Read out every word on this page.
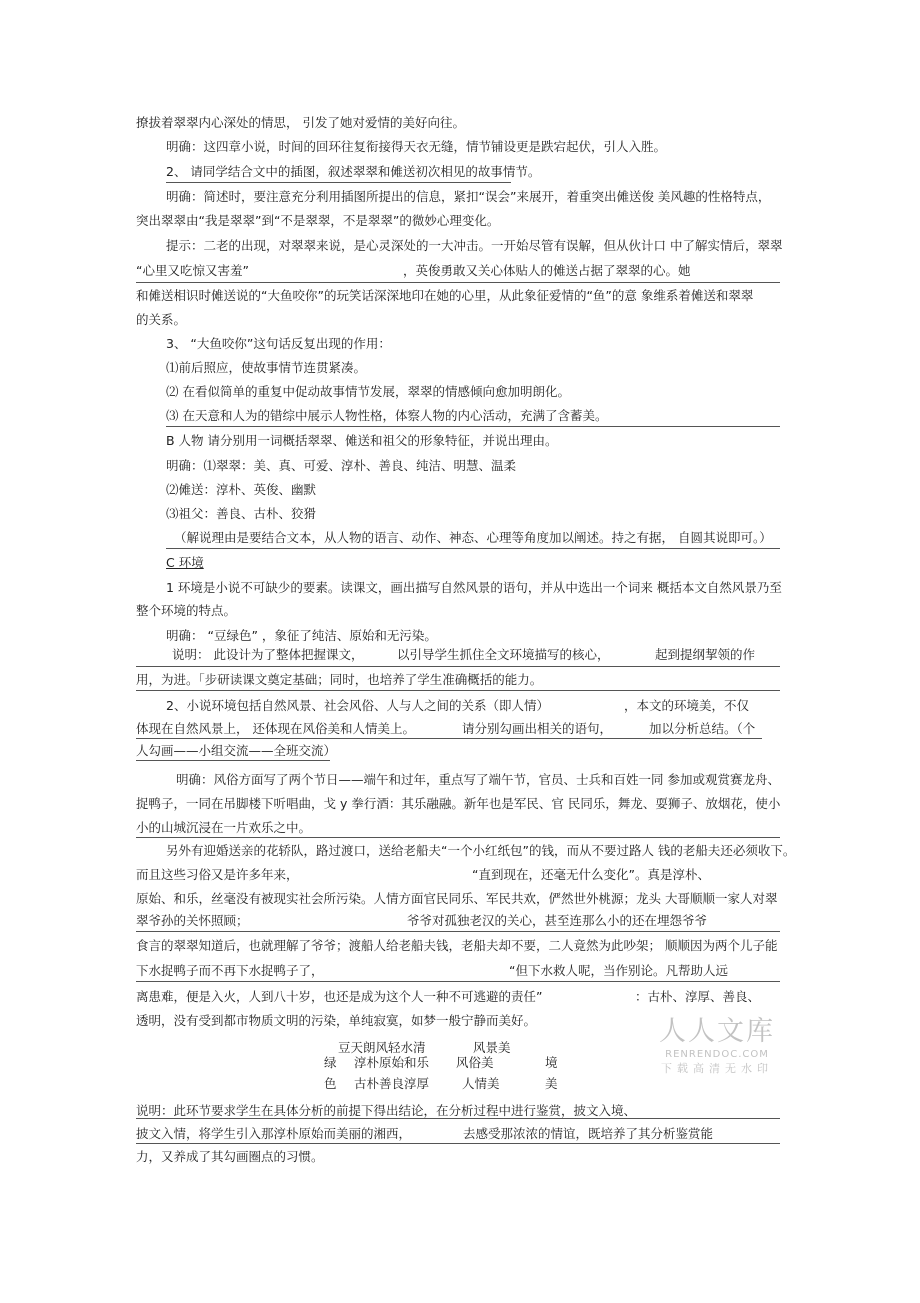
撩拔着翠翠内心深处的情思， 引发了她对爱情的美好向往。
明确：这四章小说，时间的回环往复衔接得天衣无缝，情节铺设更是跌宕起伏，引人入胜。
2、 请同学结合文中的插图，叙述翠翠和傩送初次相见的故事情节。
明确：简述时，要注意充分利用插图所提出的信息，紧扣“误会”来展开，着重突出傩送俊 美风趣的性格特点，
突出翠翠由“我是翠翠”到“不是翠翠，不是翠翠”的微妙心理变化。
提示：二老的出现，对翠翠来说，是心灵深处的一大冲击。一开始尽管有误解，但从伙计口 中了解实情后，翠翠
“心里又吃惊又害羞”	，英俊勇敢又关心体贴人的傩送占据了翠翠的心。她
和傩送相识时傩送说的“大鱼咬你”的玩笑话深深地印在她的心里，从此象征爱情的“鱼”的意 象维系着傩送和翠翠
的关系。
3、 “大鱼咬你”这句话反复出现的作用：
⑴前后照应，使故事情节连贯紧凑。
⑵ 在看似简单的重复中促动故事情节发展，翠翠的情感倾向愈加明朗化。
⑶ 在天意和人为的错综中展示人物性格，体察人物的内心活动，充满了含蓄美。
B 人物 请分别用一词概括翠翠、傩送和祖父的形象特征，并说出理由。
明确：⑴翠翠：美、真、可爱、淳朴、善良、纯洁、明慧、温柔
⑵傩送：淳朴、英俊、幽默
⑶祖父：善良、古朴、狡猾
（解说理由是要结合文本，从人物的语言、动作、神态、心理等角度加以阐述。持之有据， 自圆其说即可。）
C 环境
1 环境是小说不可缺少的要素。读课文，画出描写自然风景的语句，并从中选出一个词来 概括本文自然风景乃至
整个环境的特点。
明确： “豆绿色” ，象征了纯洁、原始和无污染。
说明： 此设计为了整体把握课文，	以引导学生抓住全文环境描写的核心，	起到提纲挈领的作
用，为进。「步研读课文奠定基础；同时，也培养了学生准确概括的能力。
2、小说环境包括自然风景、社会风俗、人与人之间的关系（即人情）	，本文的环境美，不仅
体现在自然风景上， 还体现在风俗美和人情美上。	请分别勾画出相关的语句，	加以分析总结。（个
人勾画——小组交流——全班交流）
明确：风俗方面写了两个节日——端午和过年，重点写了端午节，官员、士兵和百姓一同 参加或观赏赛龙舟、
捉鸭子，一同在吊脚楼下听唱曲，戈 y 拳行酒：其乐融融。新年也是军民、官 民同乐，舞龙、耍狮子、放烟花，使小
小的山城沉浸在一片欢乐之中。
另外有迎婚送亲的花轿队，路过渡口，送给老船夫“一个小红纸包”的钱，而从不要过路人 钱的老船夫还必须收下。
而且这些习俗又是许多年来，	“直到现在，还毫无什么变化”。真是淳朴、
原始、和乐，丝毫没有被现实社会所污染。人情方面官民同乐、军民共欢，俨然世外桃源；龙头 大哥顺顺一家人对翠
翠爷孙的关怀照顾；	爷爷对孤独老汉的关心，甚至连那么小的还在埋怨爷爷
食言的翠翠知道后，也就理解了爷爷；渡船人给老船夫钱，老船夫却不要，二人竟然为此吵架； 顺顺因为两个儿子能
下水捉鸭子而不再下水捉鸭子了，	“但下水救人呢，当作别论。凡帮助人远
离患难，便是入火，人到八十岁，也还是成为这个人一种不可逃避的责任”	：古朴、淳厚、善良、
透明，没有受到都市物质文明的污染，单纯寂寞，如梦一般宁静而美好。
豆天朗风轻水清	风景美
绿 淳朴原始和乐 风俗美	境
色 古朴善良淳厚	人情美	美
说明：此环节要求学生在具体分析的前提下得出结论，在分析过程中进行鉴赏，披文入境、
披文入情，将学生引入那淳朴原始而美丽的湘西，	去感受那浓浓的情谊，既培养了其分析鉴赏能
力，又养成了其勾画圈点的习惯。
人人文库
RENRENDOC.COM
下载高清无水印
